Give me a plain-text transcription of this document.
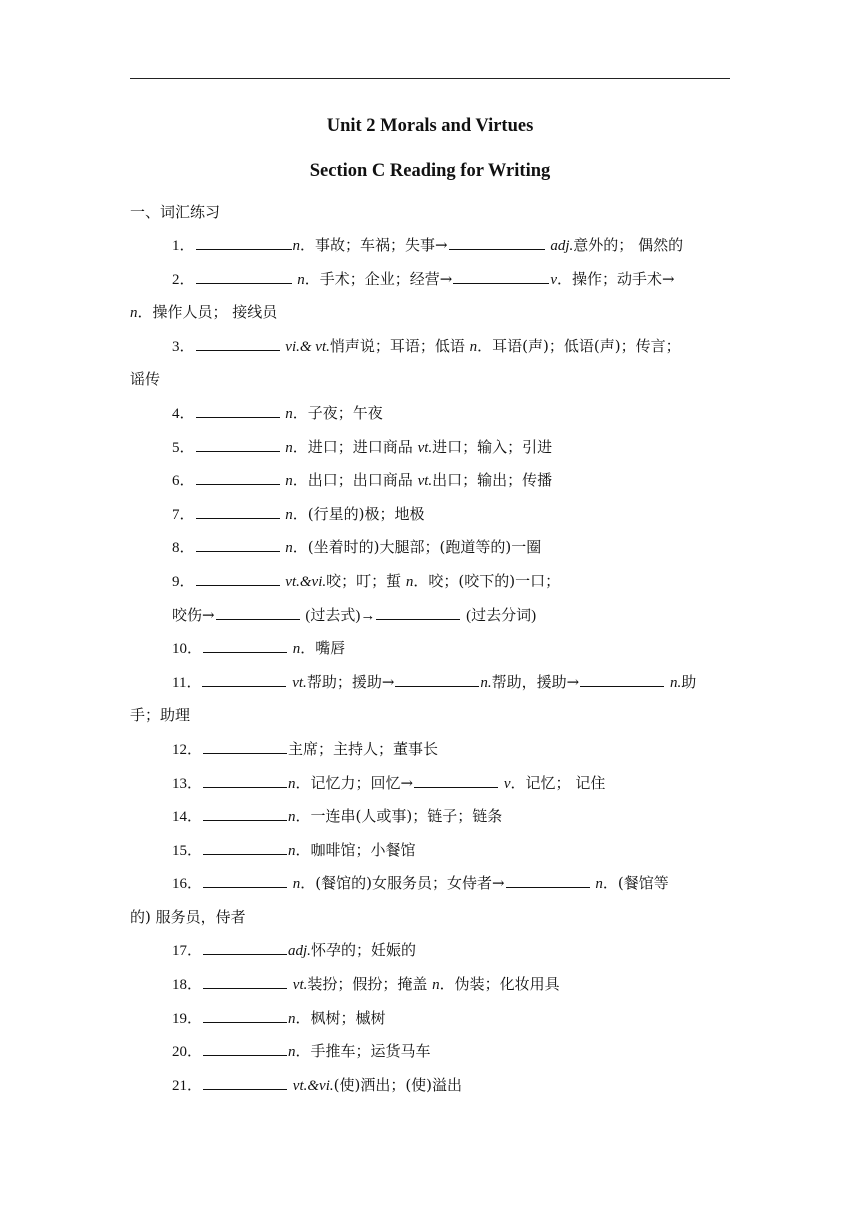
Unit 2 Morals and Virtues
Section C Reading for Writing
一、词汇练习
1．	n．事故；车祸；失事→	adj.意外的； 偶然的
2．	n．手术；企业；经营→	v．操作；动手术→
n．操作人员； 接线员
3．	vi.& vt.悄声说；耳语；低语 n．耳语(声)；低语(声)；传言；
谣传
4．	n．子夜；午夜
5．	n．进口；进口商品 vt.进口；输入；引进
6．	n．出口；出口商品 vt.出口；输出；传播
7．	n．(行星的)极；地极
8．	n．(坐着时的)大腿部；(跑道等的)一圈
9．	vt.&vi.咬；叮；蜇 n．咬；(咬下的)一口；
咬伤→	(过去式)→	(过去分词)
10．	n．嘴唇
11．	vt.帮助；援助→	n.帮助，援助→	n.助
手；助理
12．	主席；主持人；董事长
13．	n．记忆力；回忆→	v．记忆； 记住
14．	n．一连串(人或事)；链子；链条
15．	n．咖啡馆；小餐馆
16．	n．(餐馆的)女服务员；女侍者→	n．(餐馆等
的) 服务员，侍者
17．	adj.怀孕的；妊娠的
18．	vt.装扮；假扮；掩盖 n．伪装；化妆用具
19．	n．枫树；槭树
20．	n．手推车；运货马车
21．	vt.&vi.(使)洒出；(使)溢出
